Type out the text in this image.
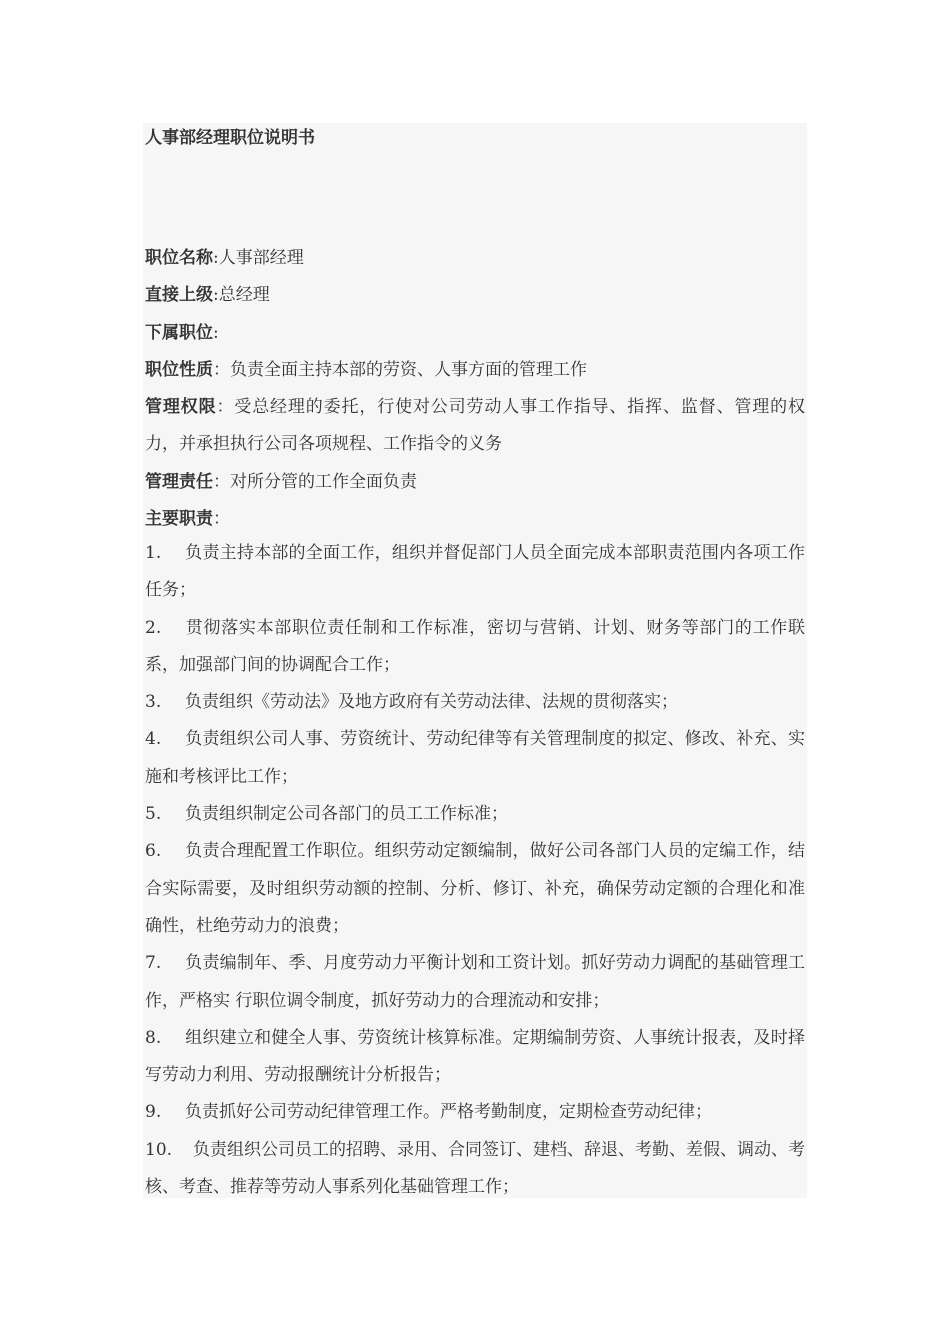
人事部经理职位说明书
职位名称:人事部经理
直接上级:总经理
下属职位:
职位性质：负责全面主持本部的劳资、人事方面的管理工作
管理权限：受总经理的委托，行使对公司劳动人事工作指导、指挥、监督、管理的权力，并承担执行公司各项规程、工作指令的义务
管理责任：对所分管的工作全面负责
主要职责：

1. 负责主持本部的全面工作，组织并督促部门人员全面完成本部职责范围内各项工作任务；

2. 贯彻落实本部职位责任制和工作标准，密切与营销、计划、财务等部门的工作联系，加强部门间的协调配合工作；

3. 负责组织《劳动法》及地方政府有关劳动法律、法规的贯彻落实；

4. 负责组织公司人事、劳资统计、劳动纪律等有关管理制度的拟定、修改、补充、实施和考核评比工作；

5. 负责组织制定公司各部门的员工工作标准；

6. 负责合理配置工作职位。组织劳动定额编制，做好公司各部门人员的定编工作，结合实际需要，及时组织劳动额的控制、分析、修订、补充，确保劳动定额的合理化和准确性，杜绝劳动力的浪费；

7. 负责编制年、季、月度劳动力平衡计划和工资计划。抓好劳动力调配的基础管理工作，严格实 行职位调令制度，抓好劳动力的合理流动和安排；

8. 组织建立和健全人事、劳资统计核算标准。定期编制劳资、人事统计报表，及时择写劳动力利用、劳动报酬统计分析报告；

9. 负责抓好公司劳动纪律管理工作。严格考勤制度，定期检查劳动纪律；

10. 负责组织公司员工的招聘、录用、合同签订、建档、辞退、考勤、差假、调动、考核、考查、推荐等劳动人事系列化基础管理工作；
